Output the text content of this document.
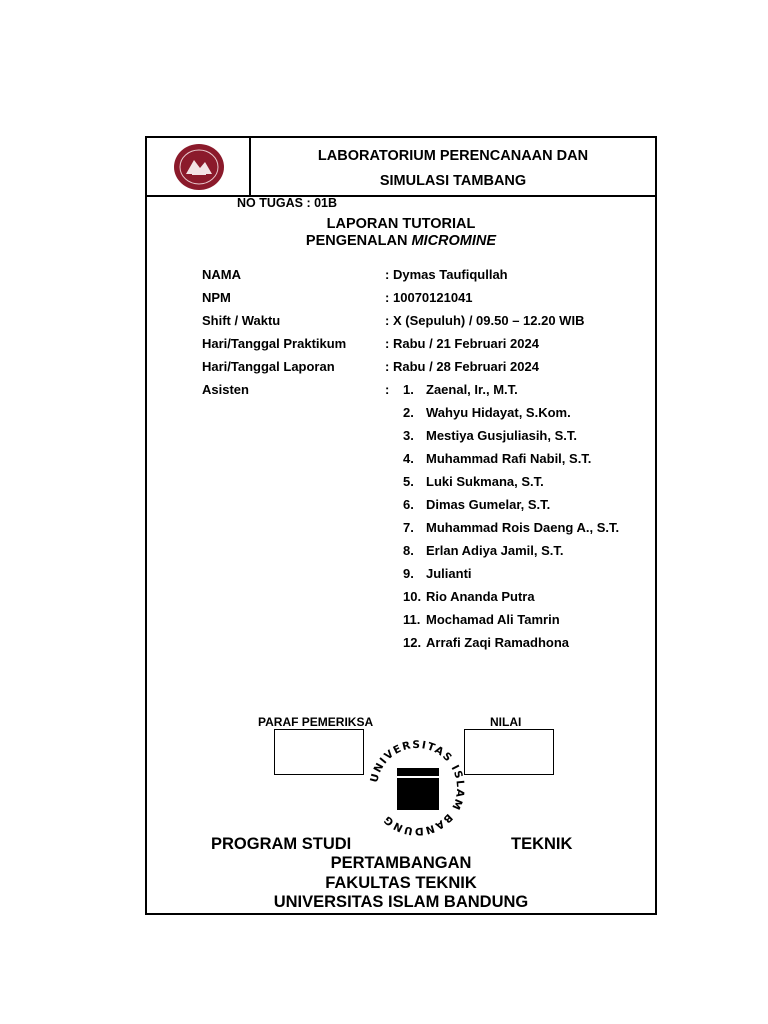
LABORATORIUM PERENCANAAN DAN
SIMULASI TAMBANG
NO TUGAS : 01B
LAPORAN TUTORIAL
PENGENALAN MICROMINE
NAMA	: Dymas Taufiqullah
NPM	: 10070121041
Shift / Waktu	: X (Sepuluh) / 09.50 – 12.20 WIB
Hari/Tanggal Praktikum	: Rabu / 21 Februari 2024
Hari/Tanggal Laporan	: Rabu / 28 Februari 2024
Asisten	: 1. Zaenal, Ir., M.T.
2. Wahyu Hidayat, S.Kom.
3. Mestiya Gusjuliasih, S.T.
4. Muhammad Rafi Nabil, S.T.
5. Luki Sukmana, S.T.
6. Dimas Gumelar, S.T.
7. Muhammad Rois Daeng A., S.T.
8. Erlan Adiya Jamil, S.T.
9. Julianti
10. Rio Ananda Putra
11. Mochamad Ali Tamrin
12. Arrafi Zaqi Ramadhona
PARAF PEMERIKSA	NILAI
UNIVERSITAS ISLAM BANDUNG
PROGRAM STUDI	TEKNIK
PERTAMBANGAN
FAKULTAS TEKNIK
UNIVERSITAS ISLAM BANDUNG
